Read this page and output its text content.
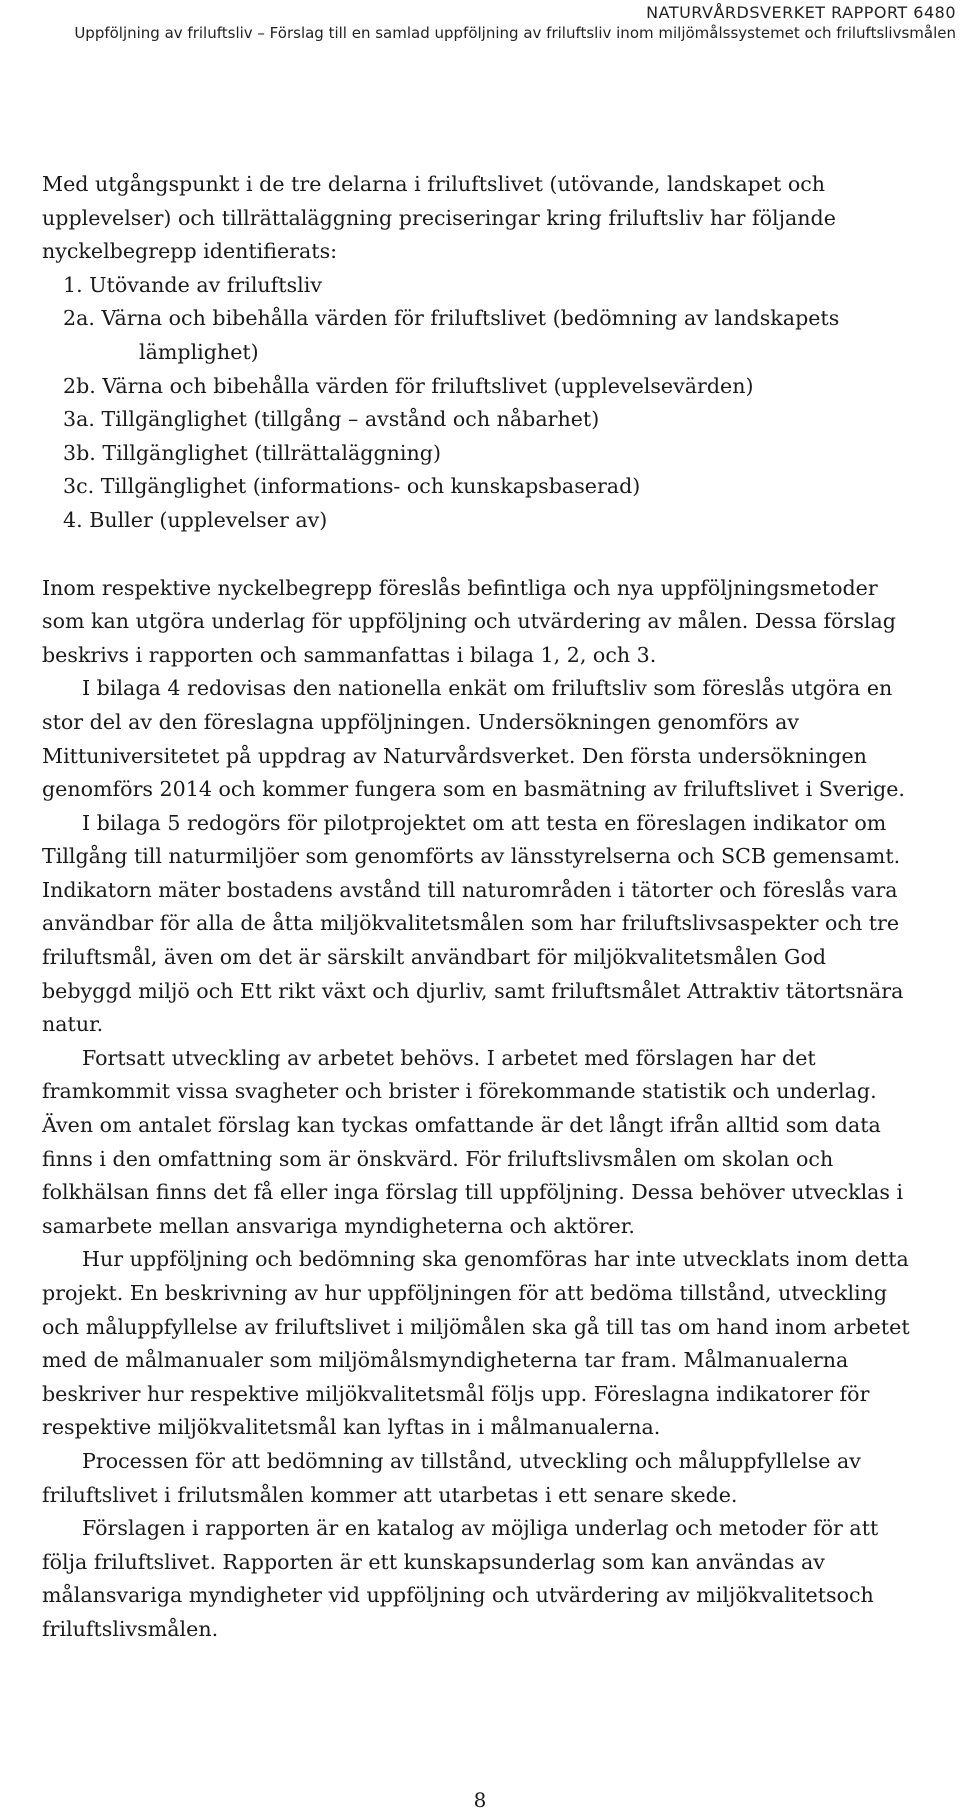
NATURVÅRDSVERKET RAPPORT 6480
Uppföljning av friluftsliv – Förslag till en samlad uppföljning av friluftsliv inom miljömålssystemet och friluftslivsmålen

Med utgångspunkt i de tre delarna i friluftslivet (utövande, landskapet och upplevelser) och tillrättaläggning preciseringar kring friluftsliv har följande nyckelbegrepp identifierats:

1. Utövande av friluftsliv
2a. Värna och bibehålla värden för friluftslivet (bedömning av landskapets lämplighet)
2b. Värna och bibehålla värden för friluftslivet (upplevelsevärden)
3a. Tillgänglighet (tillgång – avstånd och nåbarhet)
3b. Tillgänglighet (tillrättaläggning)
3c. Tillgänglighet (informations- och kunskapsbaserad)
4. Buller (upplevelser av)

Inom respektive nyckelbegrepp föreslås befintliga och nya uppföljningsmetoder som kan utgöra underlag för uppföljning och utvärdering av målen. Dessa förslag beskrivs i rapporten och sammanfattas i bilaga 1, 2, och 3.

I bilaga 4 redovisas den nationella enkät om friluftsliv som föreslås utgöra en stor del av den föreslagna uppföljningen. Undersökningen genomförs av Mittuniversitetet på uppdrag av Naturvårdsverket. Den första undersökningen genomförs 2014 och kommer fungera som en basmätning av friluftslivet i Sverige.

I bilaga 5 redogörs för pilotprojektet om att testa en föreslagen indikator om Tillgång till naturmiljöer som genomförts av länsstyrelserna och SCB gemensamt. Indikatorn mäter bostadens avstånd till naturområden i tätorter och föreslås vara användbar för alla de åtta miljökvalitetsmålen som har friluftslivsaspekter och tre friluftsmål, även om det är särskilt användbart för miljökvalitetsmålen God bebyggd miljö och Ett rikt växt och djurliv, samt friluftsmålet Attraktiv tätortsnära natur.

Fortsatt utveckling av arbetet behövs. I arbetet med förslagen har det framkommit vissa svagheter och brister i förekommande statistik och underlag. Även om antalet förslag kan tyckas omfattande är det långt ifrån alltid som data finns i den omfattning som är önskvärd. För friluftslivsmålen om skolan och folkhälsan finns det få eller inga förslag till uppföljning. Dessa behöver utvecklas i samarbete mellan ansvariga myndigheterna och aktörer.

Hur uppföljning och bedömning ska genomföras har inte utvecklats inom detta projekt. En beskrivning av hur uppföljningen för att bedöma tillstånd, utveckling och måluppfyllelse av friluftslivet i miljömålen ska gå till tas om hand inom arbetet med de målmanualer som miljömålsmyndigheterna tar fram. Målmanualerna beskriver hur respektive miljökvalitetsmål följs upp. Föreslagna indikatorer för respektive miljökvalitetsmål kan lyftas in i målmanualerna.

Processen för att bedömning av tillstånd, utveckling och måluppfyllelse av friluftslivet i frilutsmålen kommer att utarbetas i ett senare skede.

Förslagen i rapporten är en katalog av möjliga underlag och metoder för att följa friluftslivet. Rapporten är ett kunskapsunderlag som kan användas av målansvariga myndigheter vid uppföljning och utvärdering av miljökvalitetsoch friluftslivsmålen.

8
